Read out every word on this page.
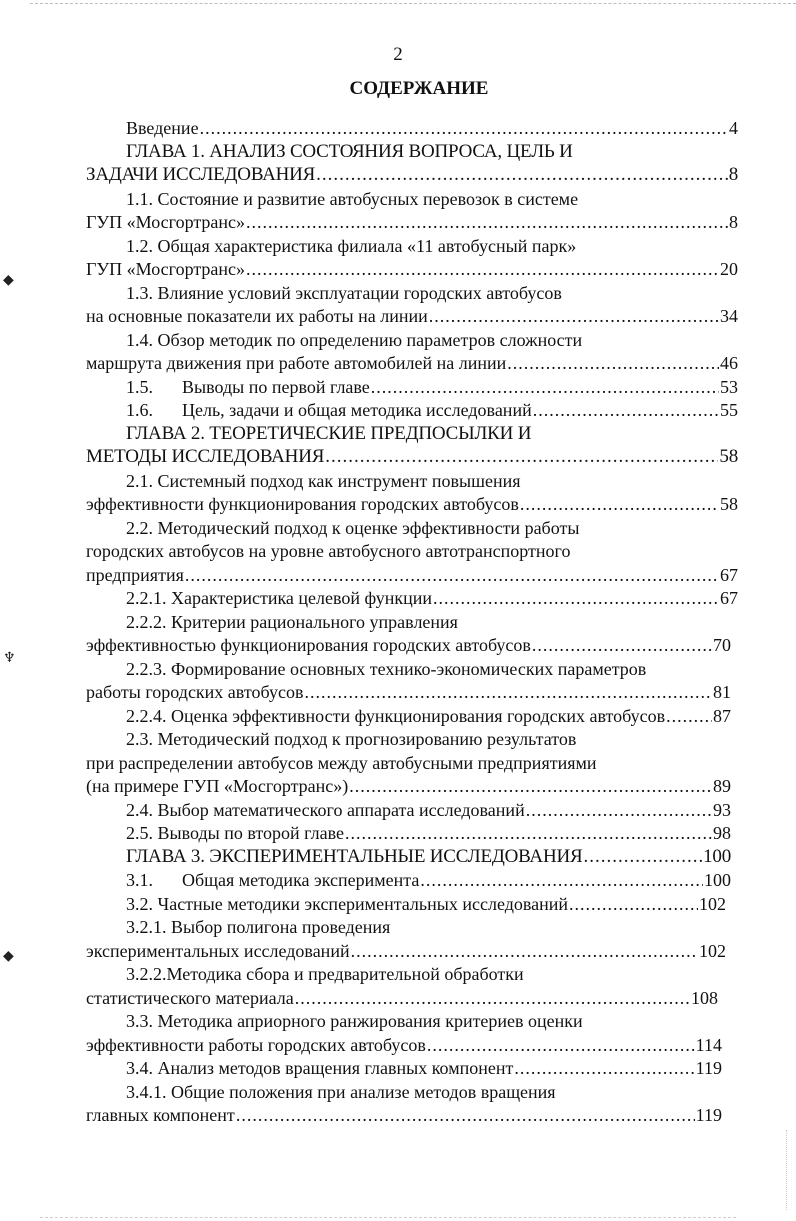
◆
♆
◆
2
СОДЕРЖАНИЕ
Введение .....	4
ГЛАВА 1. АНАЛИЗ СОСТОЯНИЯ ВОПРОСА, ЦЕЛЬ И
ЗАДАЧИ ИССЛЕДОВАНИЯ .....	8
1.1. Состояние и развитие автобусных перевозок в системе
ГУП «Мосгортранс» .....	8
1.2. Общая характеристика филиала «11 автобусный парк»
ГУП «Мосгортранс» .....	20
1.3. Влияние условий эксплуатации городских автобусов
на основные показатели их работы на линии .....	34
1.4. Обзор методик по определению параметров сложности
маршрута движения при работе автомобилей на линии .....	46
1.5.	Выводы по первой главе .....	53
1.6.	Цель, задачи и общая методика исследований .....	55
ГЛАВА 2. ТЕОРЕТИЧЕСКИЕ ПРЕДПОСЫЛКИ И
МЕТОДЫ ИССЛЕДОВАНИЯ .....	58
2.1. Системный подход как инструмент повышения
эффективности функционирования городских автобусов .....	58
2.2. Методический подход к оценке эффективности работы
городских автобусов на уровне автобусного автотранспортного
предприятия .....	67
2.2.1. Характеристика целевой функции .....	67
2.2.2. Критерии рационального управления
эффективностью функционирования городских автобусов .....	70
2.2.3. Формирование основных технико-экономических параметров
работы городских автобусов .....	81
2.2.4. Оценка эффективности функционирования городских автобусов .....	87
2.3. Методический подход к прогнозированию результатов
при распределении автобусов между автобусными предприятиями
(на примере ГУП «Мосгортранс») .....	89
2.4. Выбор математического аппарата исследований .....	93
2.5. Выводы по второй главе .....	98
ГЛАВА 3. ЭКСПЕРИМЕНТАЛЬНЫЕ ИССЛЕДОВАНИЯ .....	100
3.1.	Общая методика эксперимента .....	100
3.2. Частные методики экспериментальных исследований .....	102
3.2.1. Выбор полигона проведения
экспериментальных исследований .....	102
3.2.2.Методика сбора и предварительной обработки
статистического материала .....	108
3.3. Методика априорного ранжирования критериев оценки
эффективности работы городских автобусов .....	114
3.4. Анализ методов вращения главных компонент .....	119
3.4.1. Общие положения при анализе методов вращения
главных компонент .....	119
